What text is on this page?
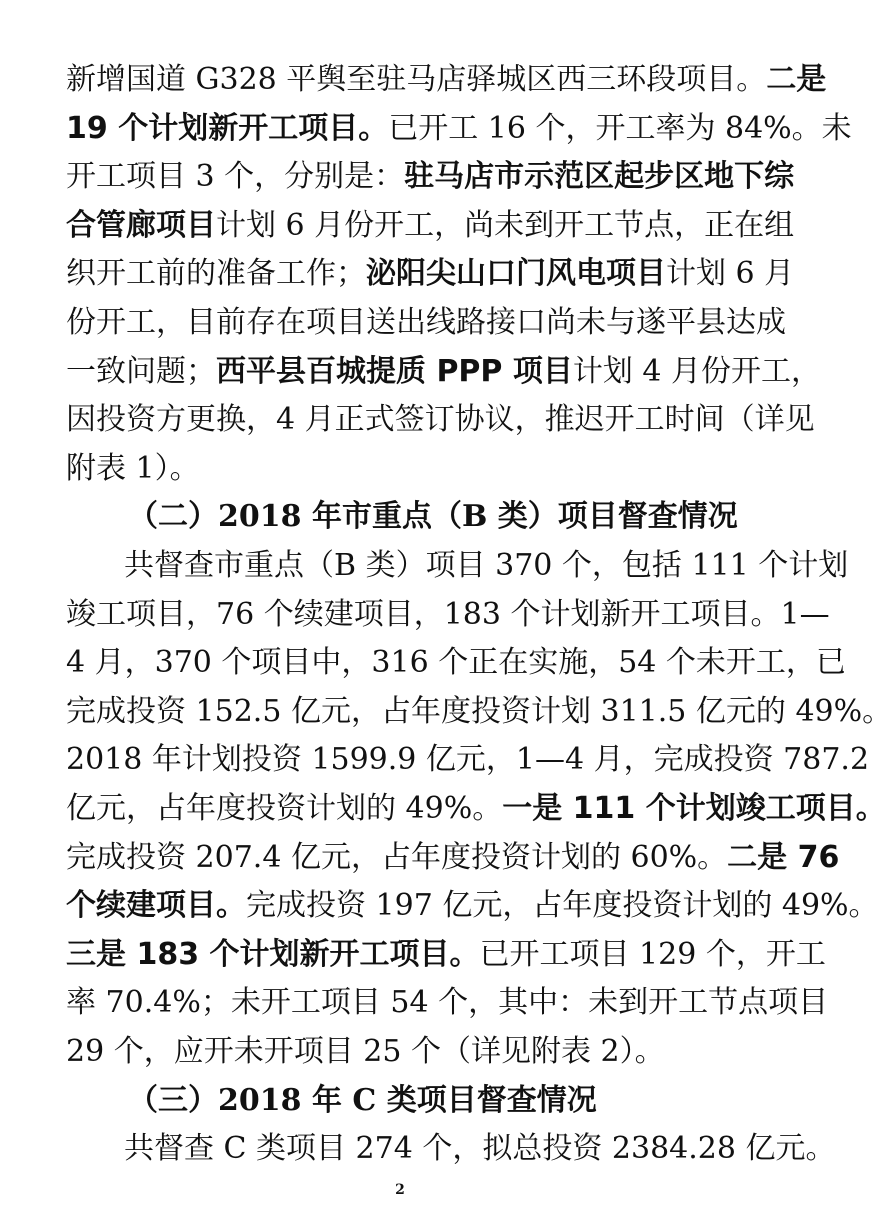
新增国道 G328 平舆至驻马店驿城区西三环段项目。二是
19 个计划新开工项目。已开工 16 个，开工率为 84%。未
开工项目 3 个，分别是：驻马店市示范区起步区地下综
合管廊项目计划 6 月份开工，尚未到开工节点，正在组
织开工前的准备工作；泌阳尖山口门风电项目计划 6 月
份开工，目前存在项目送出线路接口尚未与遂平县达成
一致问题；西平县百城提质 PPP 项目计划 4 月份开工，
因投资方更换，4 月正式签订协议，推迟开工时间（详见
附表 1）。
（二）2018 年市重点（B 类）项目督查情况
共督查市重点（B 类）项目 370 个，包括 111 个计划
竣工项目，76 个续建项目，183 个计划新开工项目。1—
4 月，370 个项目中，316 个正在实施，54 个未开工，已
完成投资 152.5 亿元，占年度投资计划 311.5 亿元的 49%。
2018 年计划投资 1599.9 亿元，1—4 月，完成投资 787.2
亿元，占年度投资计划的 49%。一是 111 个计划竣工项目。
完成投资 207.4 亿元，占年度投资计划的 60%。二是 76
个续建项目。完成投资 197 亿元，占年度投资计划的 49%。
三是 183 个计划新开工项目。已开工项目 129 个，开工
率 70.4%；未开工项目 54 个，其中：未到开工节点项目
29 个，应开未开项目 25 个（详见附表 2）。
（三）2018 年 C 类项目督查情况
共督查 C 类项目 274 个，拟总投资 2384.28 亿元。
2
